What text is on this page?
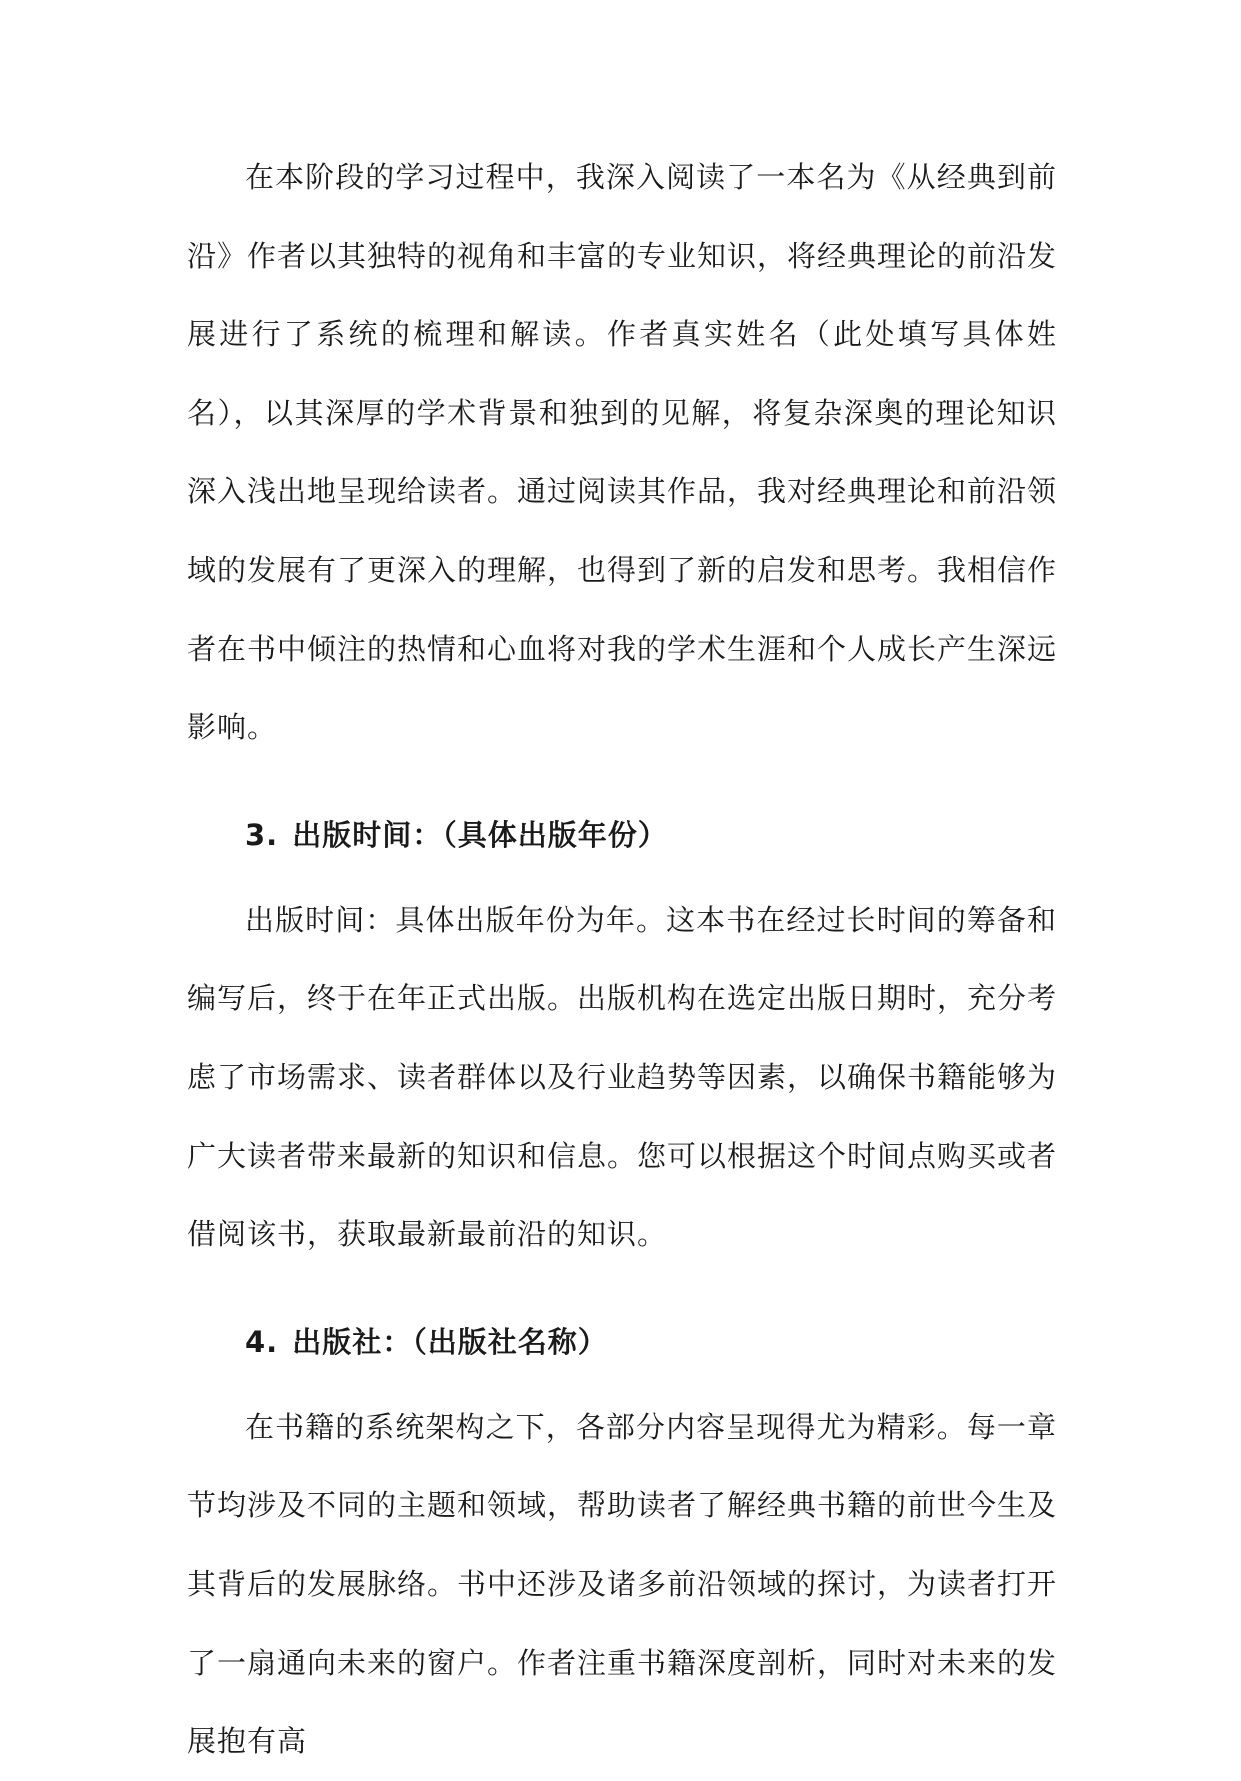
在本阶段的学习过程中，我深入阅读了一本名为《从经典到前沿》作者以其独特的视角和丰富的专业知识，将经典理论的前沿发展进行了系统的梳理和解读。作者真实姓名（此处填写具体姓名），以其深厚的学术背景和独到的见解，将复杂深奥的理论知识深入浅出地呈现给读者。通过阅读其作品，我对经典理论和前沿领域的发展有了更深入的理解，也得到了新的启发和思考。我相信作者在书中倾注的热情和心血将对我的学术生涯和个人成长产生深远影响。

3. 出版时间：（具体出版年份）

出版时间：具体出版年份为年。这本书在经过长时间的筹备和编写后，终于在年正式出版。出版机构在选定出版日期时，充分考虑了市场需求、读者群体以及行业趋势等因素，以确保书籍能够为广大读者带来最新的知识和信息。您可以根据这个时间点购买或者借阅该书，获取最新最前沿的知识。

4. 出版社：（出版社名称）

在书籍的系统架构之下，各部分内容呈现得尤为精彩。每一章节均涉及不同的主题和领域，帮助读者了解经典书籍的前世今生及其背后的发展脉络。书中还涉及诸多前沿领域的探讨，为读者打开了一扇通向未来的窗户。作者注重书籍深度剖析，同时对未来的发展抱有高
